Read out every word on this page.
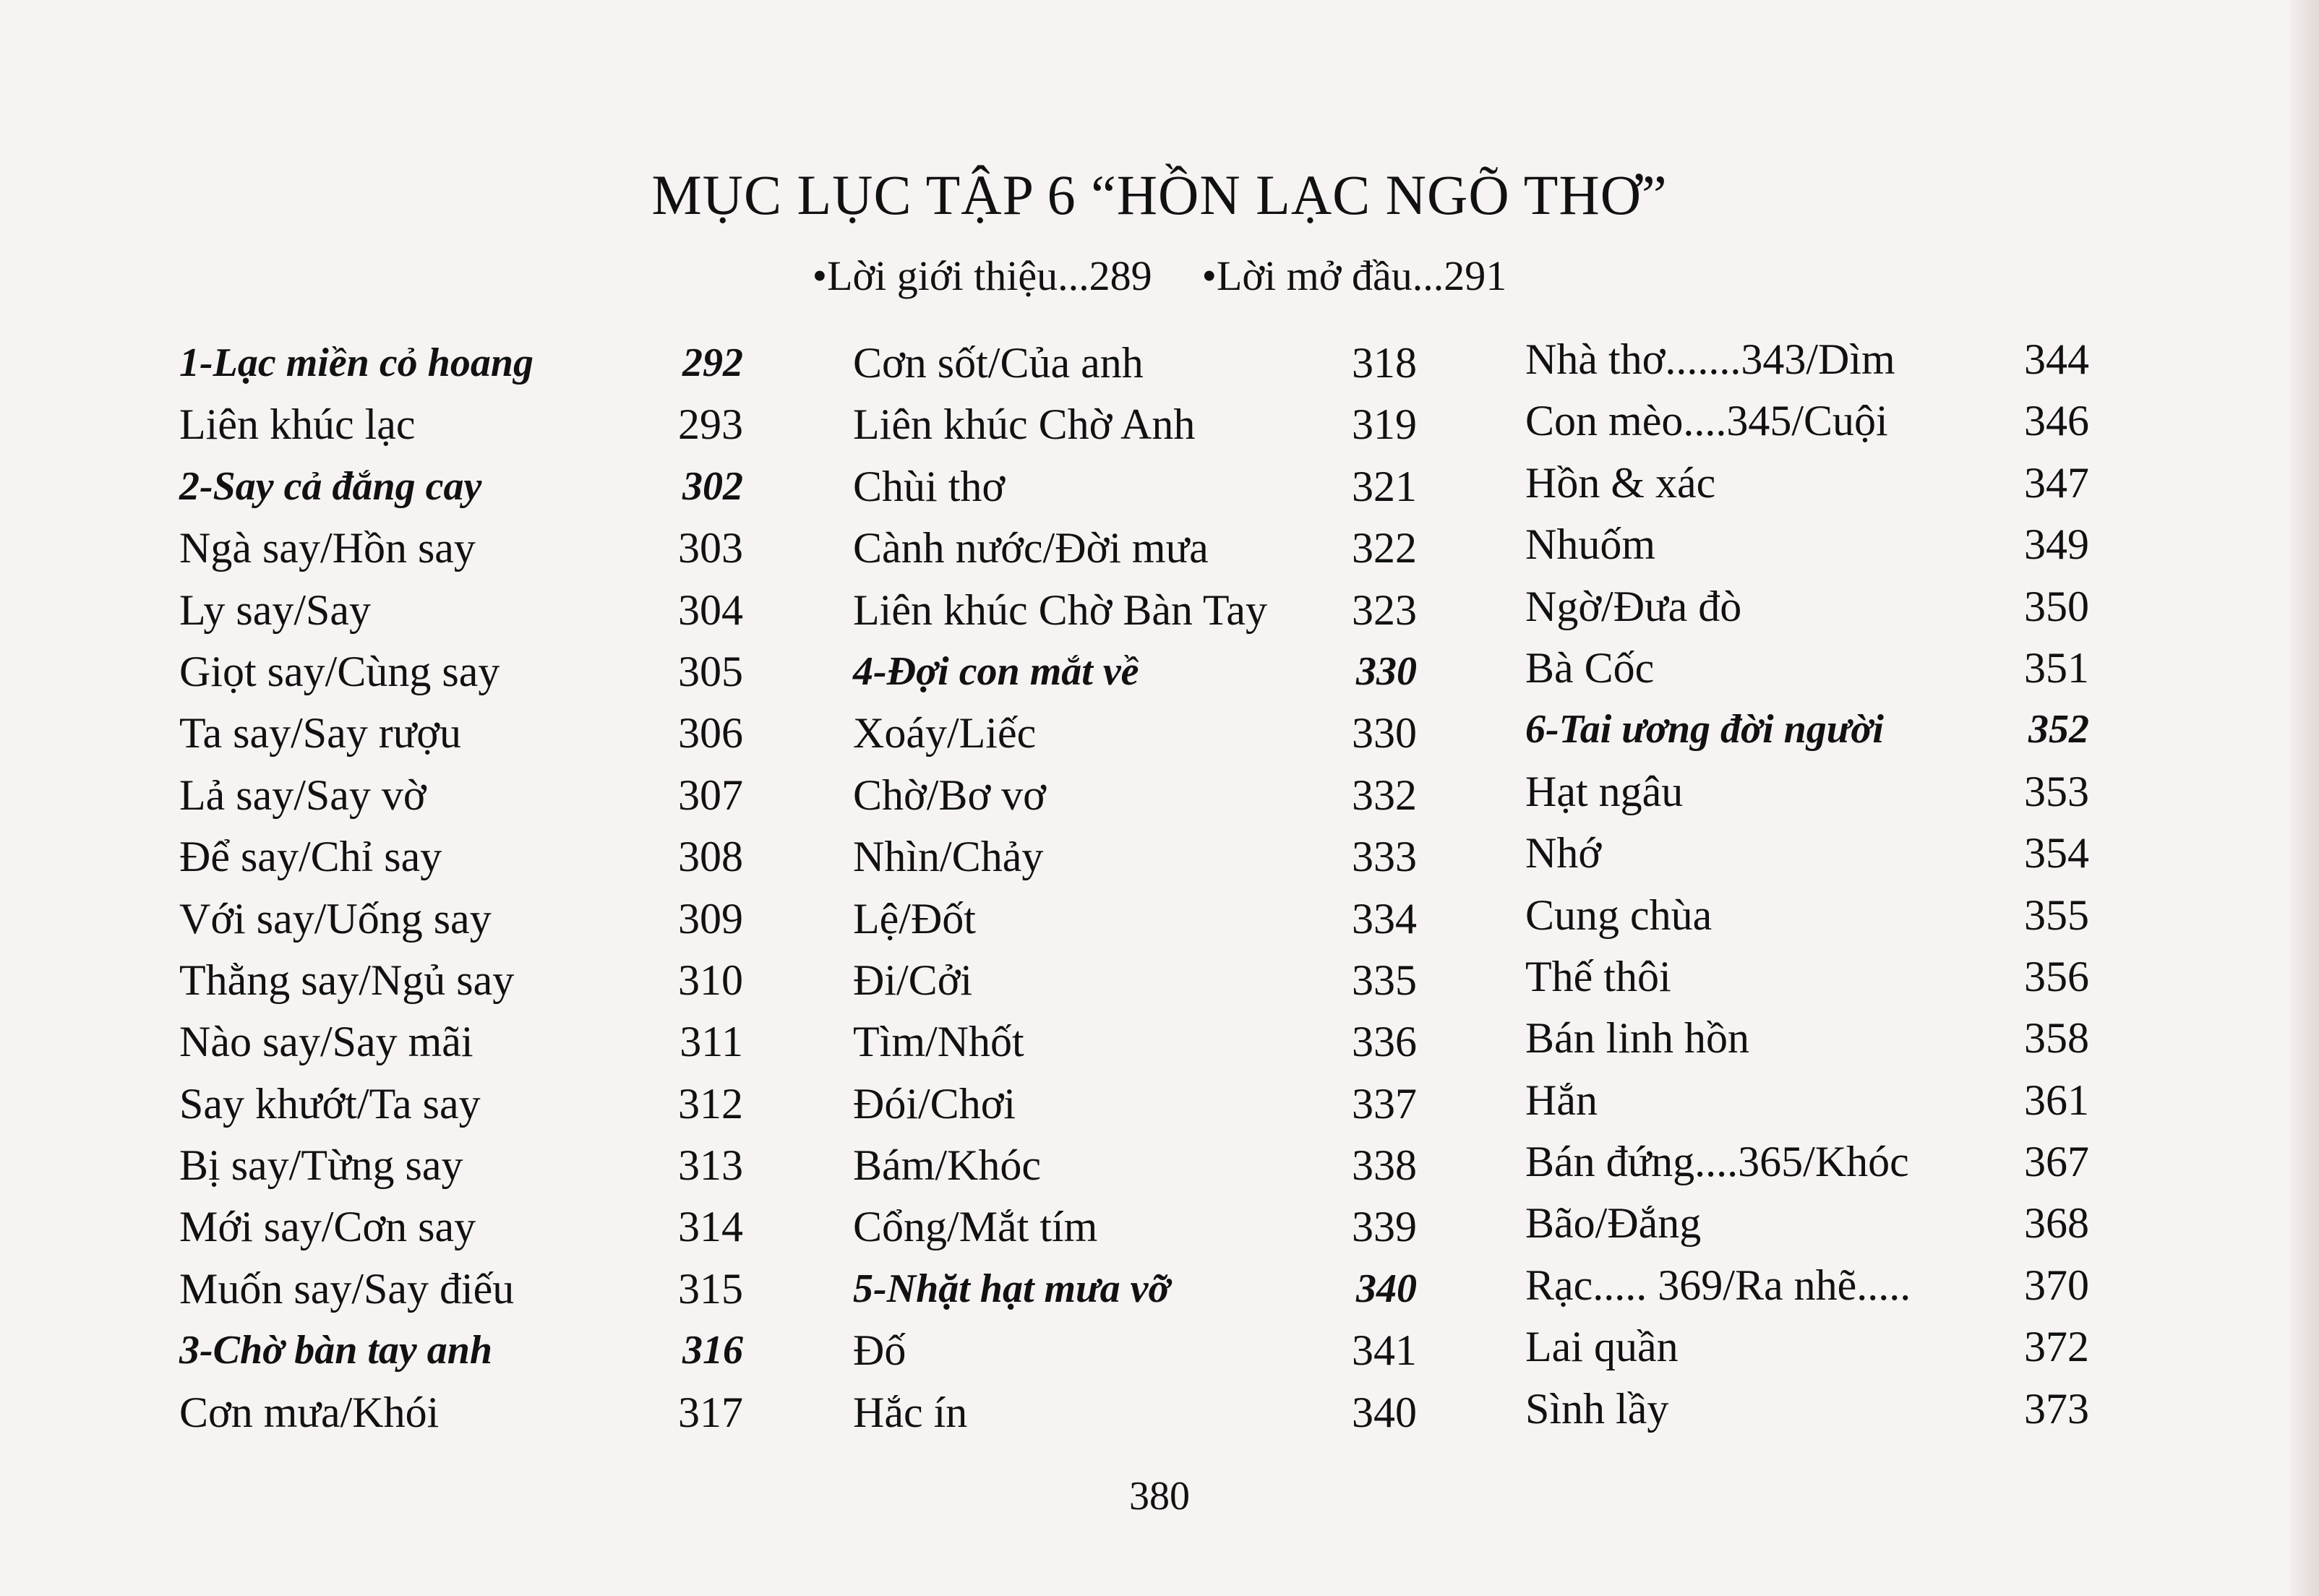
MỤC LỤC TẬP 6 “HỒN LẠC NGÕ THƠ”
•Lời giới thiệu...289 •Lời mở đầu...291
1-Lạc miền cỏ hoang	292
Liên khúc lạc	293
2-Say cả đắng cay	302
Ngà say/Hồn say	303
Ly say/Say	304
Giọt say/Cùng say	305
Ta say/Say rượu	306
Lả say/Say vờ	307
Để say/Chỉ say	308
Với say/Uống say	309
Thằng say/Ngủ say	310
Nào say/Say mãi	311
Say khướt/Ta say	312
Bị say/Từng say	313
Mới say/Cơn say	314
Muốn say/Say điếu	315
3-Chờ bàn tay anh	316
Cơn mưa/Khói	317
Cơn sốt/Của anh	318
Liên khúc Chờ Anh	319
Chùi thơ	321
Cành nước/Đời mưa	322
Liên khúc Chờ Bàn Tay 323
4-Đợi con mắt về	330
Xoáy/Liếc	330
Chờ/Bơ vơ	332
Nhìn/Chảy	333
Lệ/Đốt	334
Đi/Cởi	335
Tìm/Nhốt	336
Đói/Chơi	337
Bám/Khóc	338
Cổng/Mắt tím	339
5-Nhặt hạt mưa vỡ	340
Đố	341
Hắc ín	340
Nhà thơ.......343/Dìm	344
Con mèo....345/Cuội	346
Hồn & xác	347
Nhuốm	349
Ngờ/Đưa đò	350
Bà Cốc	351
6-Tai ương đời người	352
Hạt ngâu	353
Nhớ	354
Cung chùa	355
Thế thôi	356
Bán linh hồn	358
Hắn	361
Bán đứng....365/Khóc	367
Bão/Đắng	368
Rạc..... 369/Ra nhẽ.....	370
Lai quần	372
Sình lầy	373
380
